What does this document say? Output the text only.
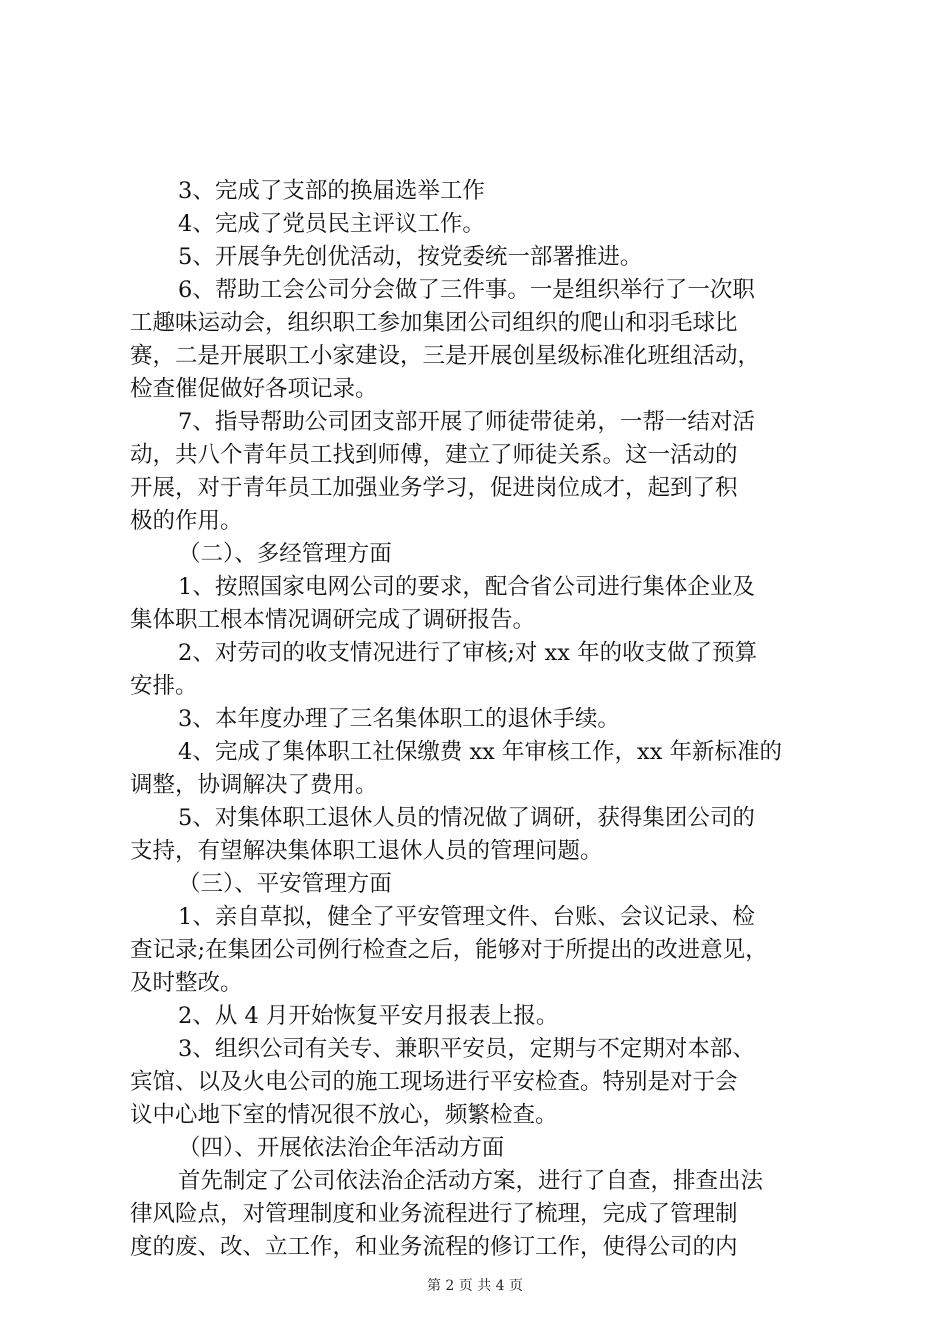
3、完成了支部的换届选举工作
4、完成了党员民主评议工作。
5、开展争先创优活动，按党委统一部署推进。
6、帮助工会公司分会做了三件事。一是组织举行了一次职
工趣味运动会，组织职工参加集团公司组织的爬山和羽毛球比
赛，二是开展职工小家建设，三是开展创星级标准化班组活动，
检查催促做好各项记录。
7、指导帮助公司团支部开展了师徒带徒弟，一帮一结对活
动，共八个青年员工找到师傅，建立了师徒关系。这一活动的
开展，对于青年员工加强业务学习，促进岗位成才，起到了积
极的作用。
（二）、多经管理方面
1、按照国家电网公司的要求，配合省公司进行集体企业及
集体职工根本情况调研完成了调研报告。
2、对劳司的收支情况进行了审核;对 xx 年的收支做了预算
安排。
3、本年度办理了三名集体职工的退休手续。
4、完成了集体职工社保缴费 xx 年审核工作，xx 年新标准的
调整，协调解决了费用。
5、对集体职工退休人员的情况做了调研，获得集团公司的
支持，有望解决集体职工退休人员的管理问题。
（三）、平安管理方面
1、亲自草拟，健全了平安管理文件、台账、会议记录、检
查记录;在集团公司例行检查之后，能够对于所提出的改进意见，
及时整改。
2、从 4 月开始恢复平安月报表上报。
3、组织公司有关专、兼职平安员，定期与不定期对本部、
宾馆、以及火电公司的施工现场进行平安检查。特别是对于会
议中心地下室的情况很不放心，频繁检查。
（四）、开展依法治企年活动方面
首先制定了公司依法治企活动方案，进行了自查，排查出法
律风险点，对管理制度和业务流程进行了梳理，完成了管理制
度的废、改、立工作，和业务流程的修订工作，使得公司的内
第 2 页 共 4 页
